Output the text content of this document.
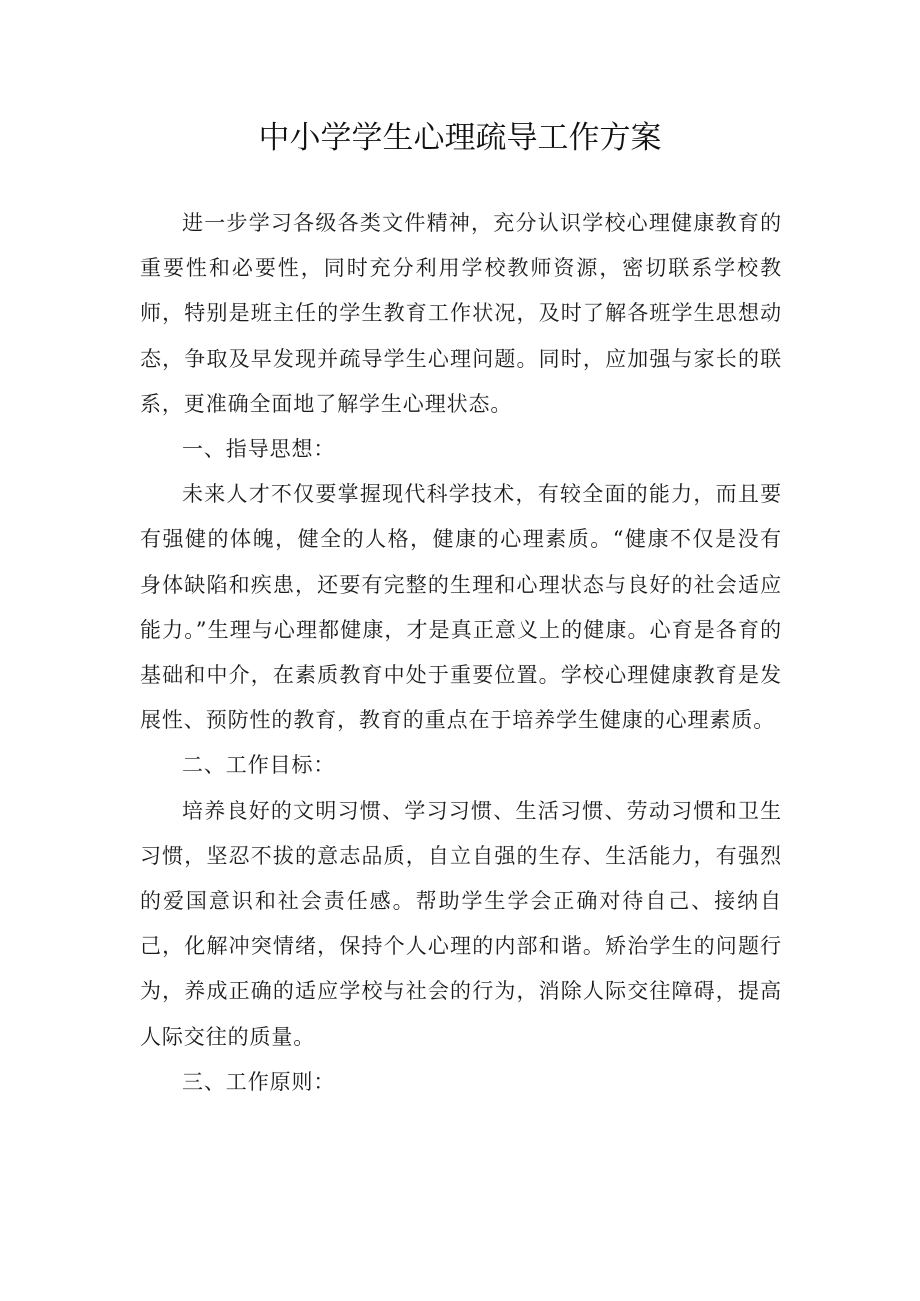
中小学学生心理疏导工作方案

进一步学习各级各类文件精神，充分认识学校心理健康教育的重要性和必要性，同时充分利用学校教师资源，密切联系学校教师，特别是班主任的学生教育工作状况，及时了解各班学生思想动态，争取及早发现并疏导学生心理问题。同时，应加强与家长的联系，更准确全面地了解学生心理状态。

一、指导思想：

未来人才不仅要掌握现代科学技术，有较全面的能力，而且要有强健的体魄，健全的人格，健康的心理素质。“健康不仅是没有身体缺陷和疾患，还要有完整的生理和心理状态与良好的社会适应能力。”生理与心理都健康，才是真正意义上的健康。心育是各育的基础和中介，在素质教育中处于重要位置。学校心理健康教育是发展性、预防性的教育，教育的重点在于培养学生健康的心理素质。

二、工作目标：

培养良好的文明习惯、学习习惯、生活习惯、劳动习惯和卫生习惯，坚忍不拔的意志品质，自立自强的生存、生活能力，有强烈的爱国意识和社会责任感。帮助学生学会正确对待自己、接纳自己，化解冲突情绪，保持个人心理的内部和谐。矫治学生的问题行为，养成正确的适应学校与社会的行为，消除人际交往障碍，提高人际交往的质量。

三、工作原则：
